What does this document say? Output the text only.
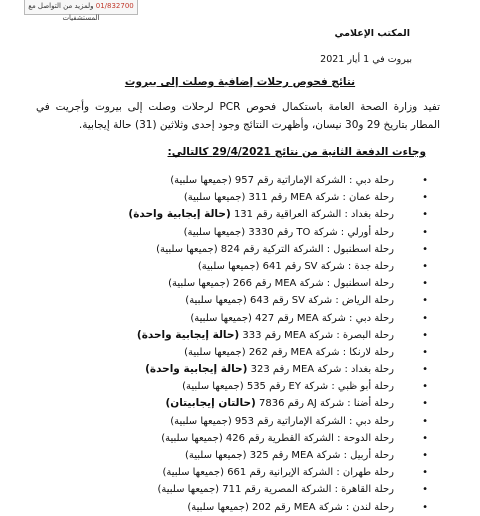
01/832700 ولمزيد من التواصل مع المستشفيات
المكتب الإعلامي
بيروت في 1 أيار 2021
نتائج فحوص رحلات إضافية وصلت إلى بيروت
تفيد وزارة الصحة العامة باستكمال فحوص PCR لرحلات وصلت إلى بيروت وأجريت في المطار بتاريخ 29 و30 نيسان، وأظهرت النتائج وجود إحدى وثلاثين (31) حالة إيجابية.
وجاءت الدفعة الثانية من نتائج 29/4/2021 كالتالي:
•
رحلة دبي : الشركة الإماراتية رقم 957 (جميعها سلبية)
•
رحلة عمان : شركة MEA رقم 311 (جميعها سلبية)
•
رحلة بغداد : الشركة العراقية رقم 131 (حالة إيجابية واحدة)
•
رحلة أورلي : شركة TO رقم 3330 (جميعها سلبية)
•
رحلة اسطنبول : الشركة التركية رقم 824 (جميعها سلبية)
•
رحلة جدة : شركة SV رقم 641 (جميعها سلبية)
•
رحلة اسطنبول : شركة MEA رقم 266 (جميعها سلبية)
•
رحلة الرياض : شركة SV رقم 643 (جميعها سلبية)
•
رحلة دبي : شركة MEA رقم 427 (جميعها سلبية)
•
رحلة البصرة : شركة MEA رقم 333 (حالة إيجابية واحدة)
•
رحلة لارنكا : شركة MEA رقم 262 (جميعها سلبية)
•
رحلة بغداد : شركة MEA رقم 323 (حالة إيجابية واحدة)
•
رحلة أبو ظبي : شركة EY رقم 535 (جميعها سلبية)
•
رحلة أضنا : شركة AJ رقم 7836 (حالتان إيجابيتان)
•
رحلة دبي : الشركة الإماراتية رقم 953 (جميعها سلبية)
•
رحلة الدوحة : الشركة القطرية رقم 426 (جميعها سلبية)
•
رحلة أربيل : شركة MEA رقم 325 (جميعها سلبية)
•
رحلة طهران : الشركة الإيرانية رقم 661 (جميعها سلبية)
•
رحلة القاهرة : الشركة المصرية رقم 711 (جميعها سلبية)
•
رحلة لندن : شركة MEA رقم 202 (جميعها سلبية)
